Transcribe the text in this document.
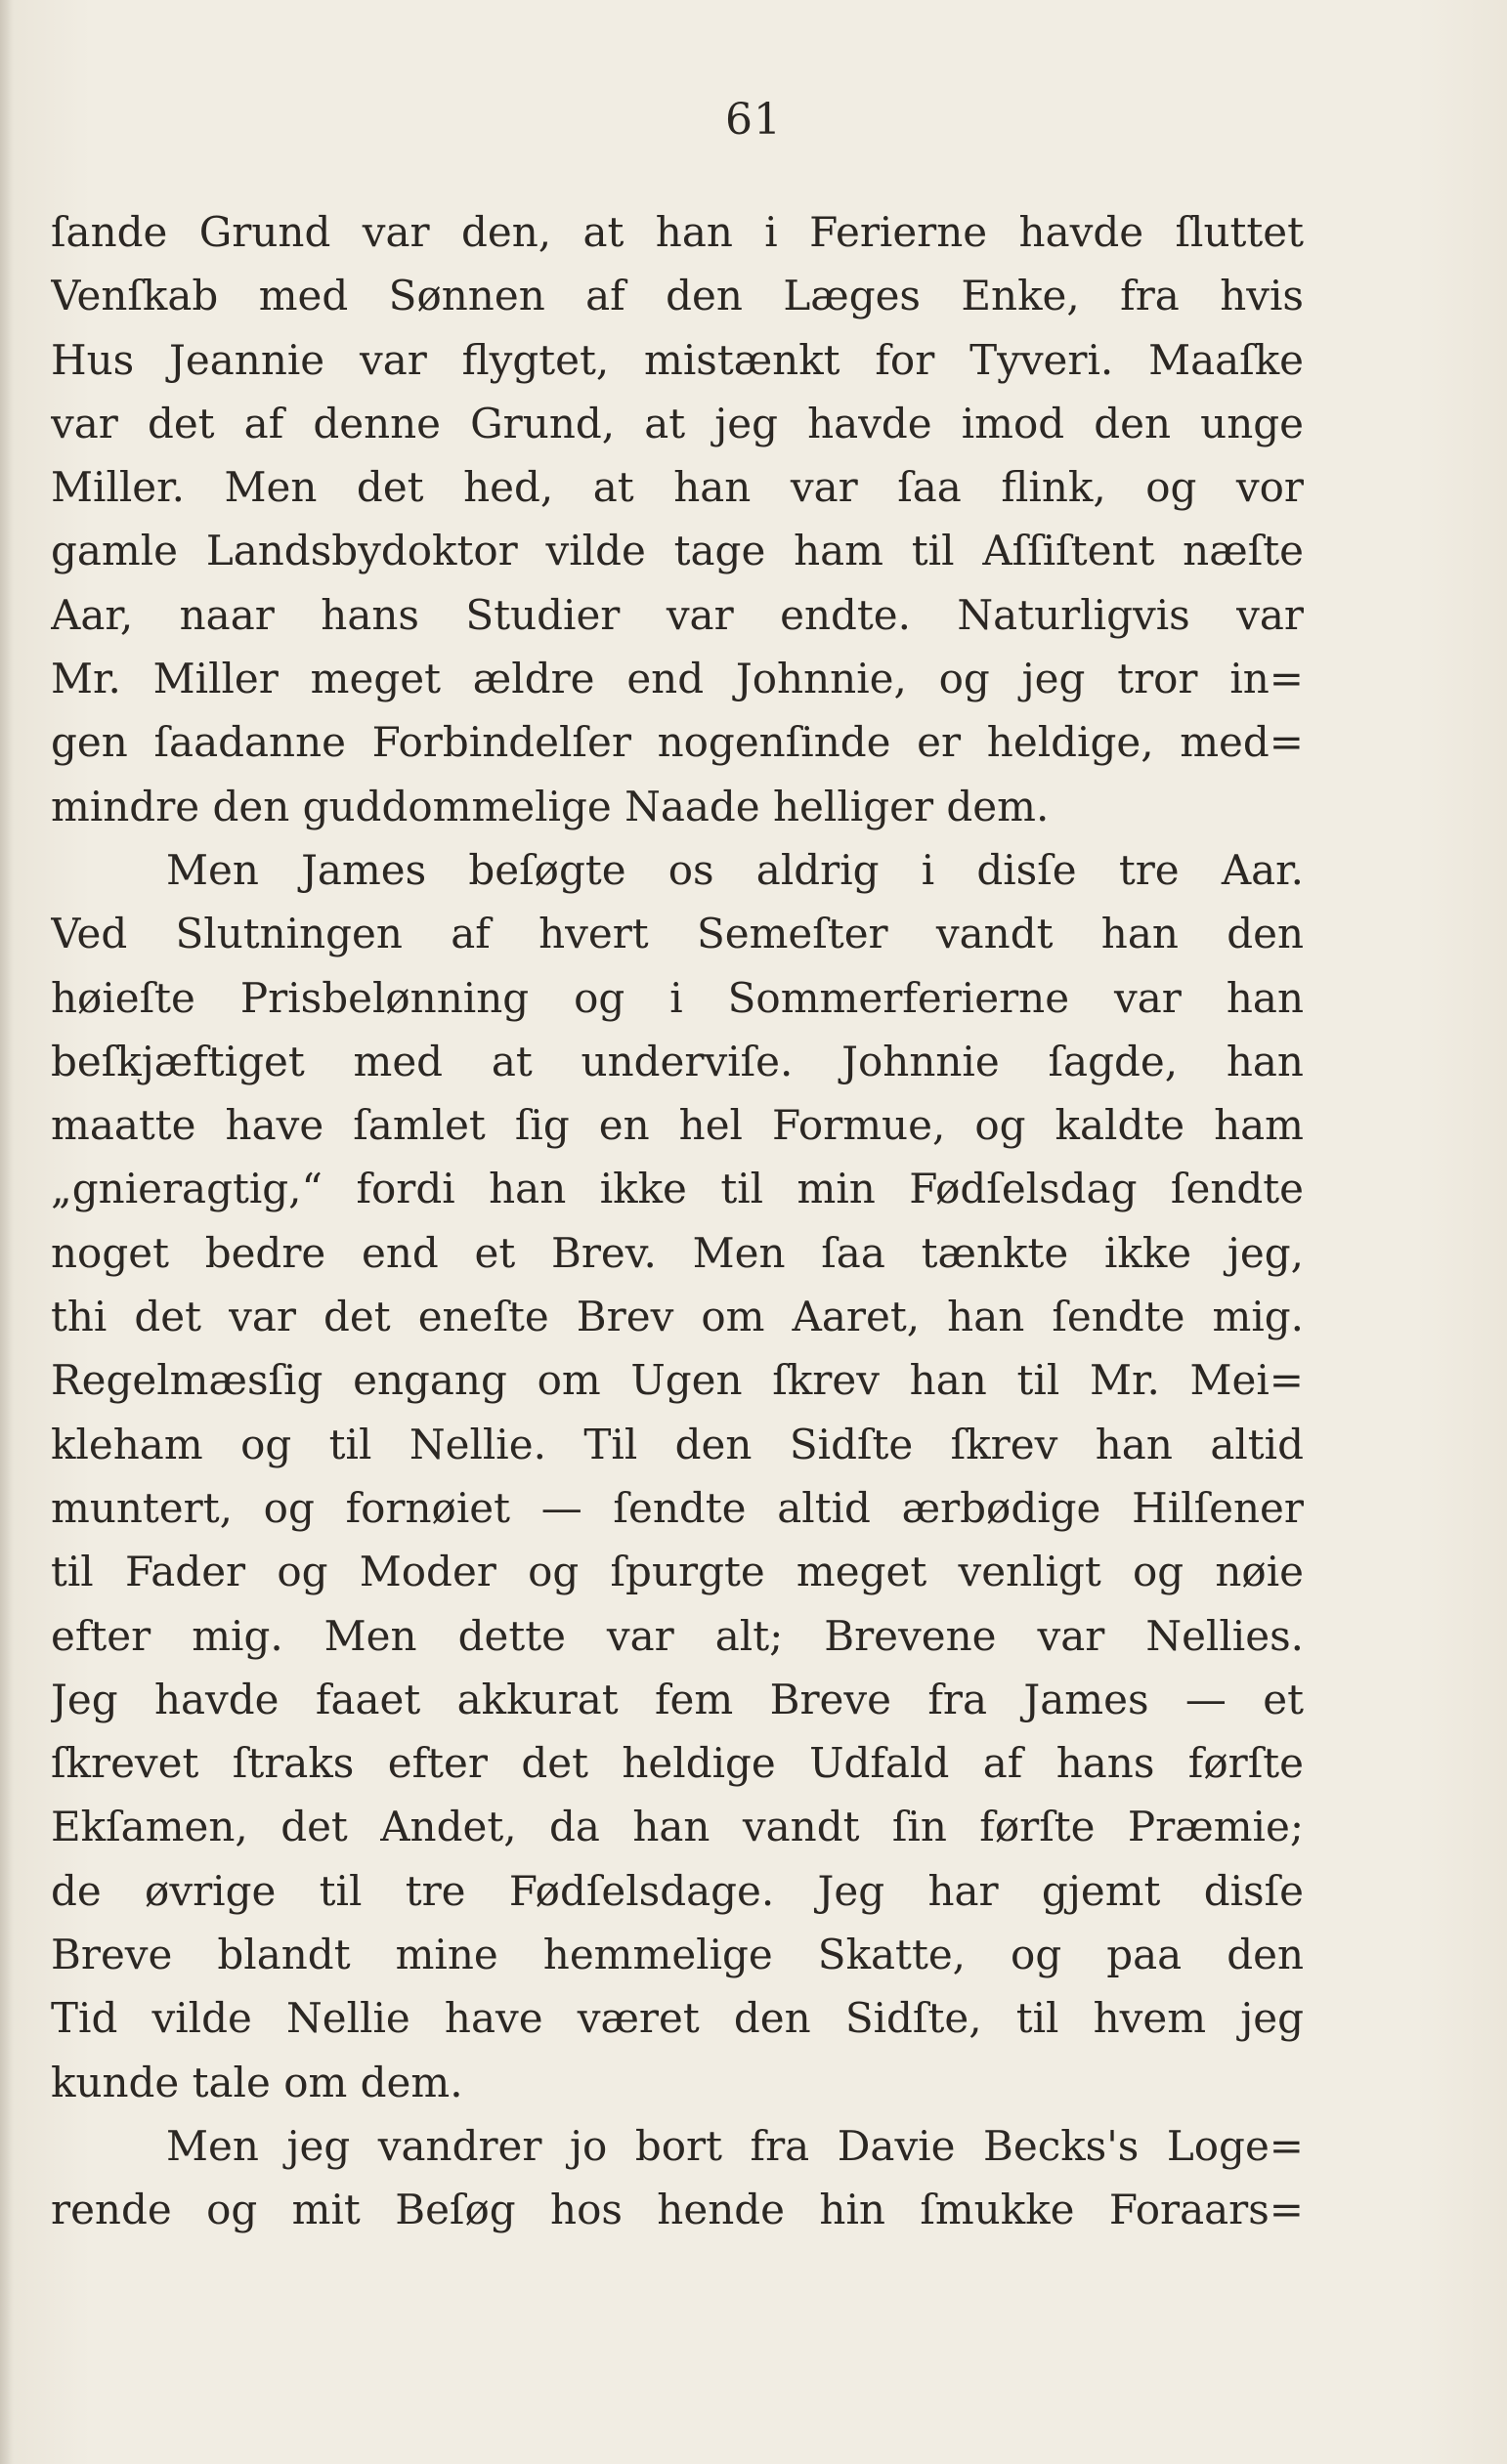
61
ſande Grund var den, at han i Ferierne havde ſluttet
Venſkab med Sønnen af den Læges Enke, fra hvis
Hus Jeannie var flygtet, mistænkt for Tyveri. Maaſke
var det af denne Grund, at jeg havde imod den unge
Miller. Men det hed, at han var ſaa flink, og vor
gamle Landsbydoktor vilde tage ham til Aſſiſtent næſte
Aar, naar hans Studier var endte. Naturligvis var
Mr. Miller meget ældre end Johnnie, og jeg tror in=
gen ſaadanne Forbindelſer nogenſinde er heldige, med=
mindre den guddommelige Naade helliger dem.
Men James beſøgte os aldrig i disſe tre Aar.
Ved Slutningen af hvert Semeſter vandt han den
høieſte Prisbelønning og i Sommerferierne var han
beſkjæftiget med at underviſe. Johnnie ſagde, han
maatte have ſamlet ſig en hel Formue, og kaldte ham
„gnieragtig,“ fordi han ikke til min Fødſelsdag ſendte
noget bedre end et Brev. Men ſaa tænkte ikke jeg,
thi det var det eneſte Brev om Aaret, han ſendte mig.
Regelmæsſig engang om Ugen ſkrev han til Mr. Mei=
kleham og til Nellie. Til den Sidſte ſkrev han altid
muntert, og fornøiet — ſendte altid ærbødige Hilſener
til Fader og Moder og ſpurgte meget venligt og nøie
efter mig. Men dette var alt; Brevene var Nellies.
Jeg havde faaet akkurat fem Breve fra James — et
ſkrevet ſtraks efter det heldige Udfald af hans førſte
Ekſamen, det Andet, da han vandt ſin førſte Præmie;
de øvrige til tre Fødſelsdage. Jeg har gjemt disſe
Breve blandt mine hemmelige Skatte, og paa den
Tid vilde Nellie have været den Sidſte, til hvem jeg
kunde tale om dem.
Men jeg vandrer jo bort fra Davie Becks's Loge=
rende og mit Beſøg hos hende hin ſmukke Foraars=
